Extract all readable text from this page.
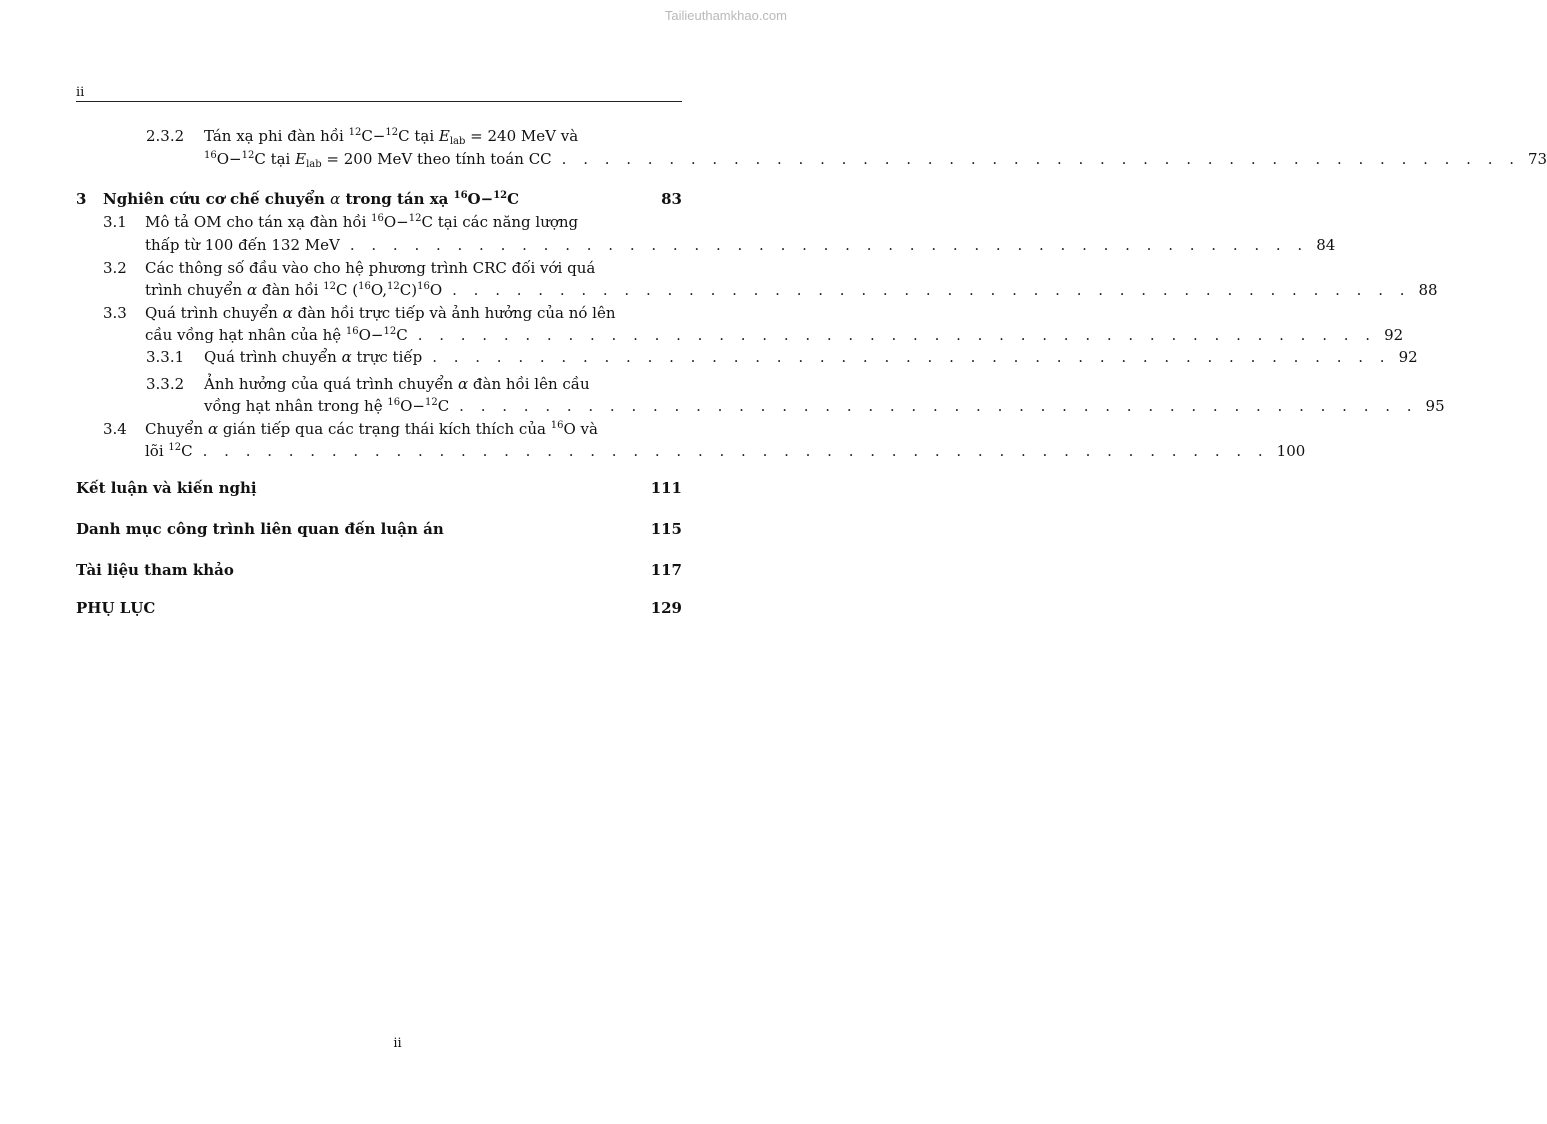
Tailieuthamkhao.com
ii
2.3.2 Tán xạ phi đàn hồi $^{12}$C−$^{12}$C tại $E_{lab} = 240$ MeV và
$^{16}$O−$^{12}$C tại $E_{lab} = 200$ MeV theo tính toán CC . . . . . . . . . . . . . . . . . . . . . . . . . . . . . . . . . . . . . . . . . . . . . 73
3 Nghiên cứu cơ chế chuyển α trong tán xạ $^{16}$O−$^{12}$C	83
3.1 Mô tả OM cho tán xạ đàn hồi $^{16}$O−$^{12}$C tại các năng lượng
thấp từ 100 đến 132 MeV . . . . . . . . . . . . . . . . . . . . . . . . . . . . . . . . . . . . . . . . . . . . . 84
3.2 Các thông số đầu vào cho hệ phương trình CRC đối với quá
trình chuyển α đàn hồi $^{12}$C $(^{16}O,^{12}C)^{16}O$ . . . . . . . . . . . . . . . . . . . . . . . . . . . . . . . . . . . . . . . . . . . . . 88
3.3 Quá trình chuyển α đàn hồi trực tiếp và ảnh hưởng của nó lên
cầu vồng hạt nhân của hệ $^{16}$O−$^{12}$C . . . . . . . . . . . . . . . . . . . . . . . . . . . . . . . . . . . . . . . . . . . . . 92
3.3.1 Quá trình chuyển α trực tiếp . . . . . . . . . . . . . . . . . . . . . . . . . . . . . . . . . . . . . . . . . . . . . 92
3.3.2 Ảnh hưởng của quá trình chuyển α đàn hồi lên cầu
vồng hạt nhân trong hệ $^{16}$O−$^{12}$C . . . . . . . . . . . . . . . . . . . . . . . . . . . . . . . . . . . . . . . . . . . . . 95
3.4 Chuyển α gián tiếp qua các trạng thái kích thích của $^{16}$O và
lõi $^{12}$C . . . . . . . . . . . . . . . . . . . . . . . . . . . . . . . . . . . . . . . . . . . . . . . . . . 100
Kết luận và kiến nghị	111
Danh mục công trình liên quan đến luận án	115
Tài liệu tham khảo	117
PHỤ LỤC	129
ii
